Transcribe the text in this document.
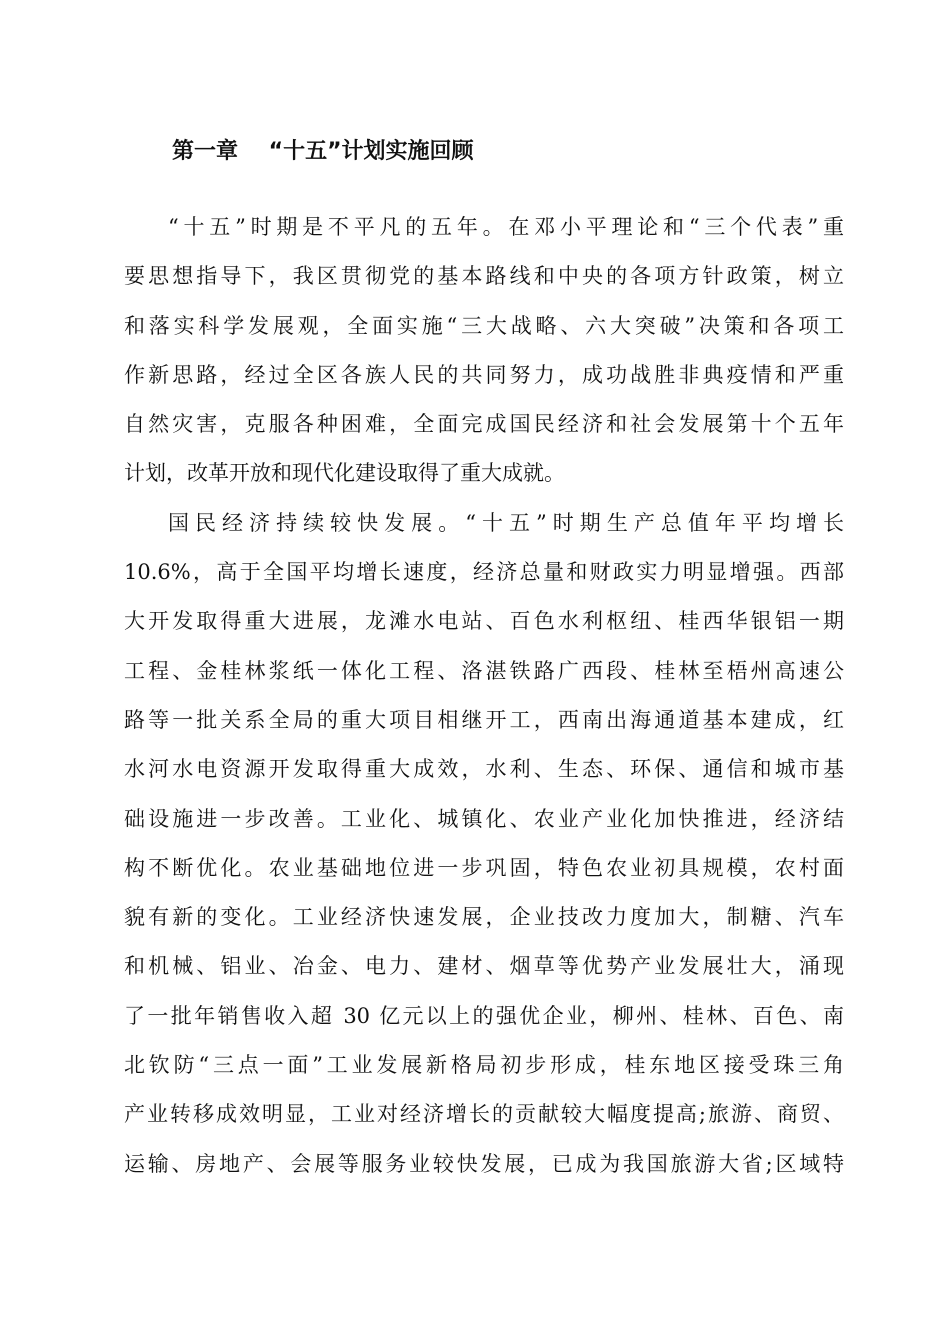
第一章    “十五”计划实施回顾

“十五”时期是不平凡的五年。在邓小平理论和“三个代表”重

要思想指导下，我区贯彻党的基本路线和中央的各项方针政策，树立

和落实科学发展观，全面实施“三大战略、六大突破”决策和各项工

作新思路，经过全区各族人民的共同努力，成功战胜非典疫情和严重

自然灾害，克服各种困难，全面完成国民经济和社会发展第十个五年

计划，改革开放和现代化建设取得了重大成就。

国民经济持续较快发展。“十五”时期生产总值年平均增长

10.6%，高于全国平均增长速度，经济总量和财政实力明显增强。西部

大开发取得重大进展，龙滩水电站、百色水利枢纽、桂西华银铝一期

工程、金桂林浆纸一体化工程、洛湛铁路广西段、桂林至梧州高速公

路等一批关系全局的重大项目相继开工，西南出海通道基本建成，红

水河水电资源开发取得重大成效，水利、生态、环保、通信和城市基

础设施进一步改善。工业化、城镇化、农业产业化加快推进，经济结

构不断优化。农业基础地位进一步巩固，特色农业初具规模，农村面

貌有新的变化。工业经济快速发展，企业技改力度加大，制糖、汽车

和机械、铝业、冶金、电力、建材、烟草等优势产业发展壮大，涌现

了一批年销售收入超 30 亿元以上的强优企业，柳州、桂林、百色、南

北钦防“三点一面”工业发展新格局初步形成，桂东地区接受珠三角

产业转移成效明显，工业对经济增长的贡献较大幅度提高;旅游、商贸、

运输、房地产、会展等服务业较快发展，已成为我国旅游大省;区域特
